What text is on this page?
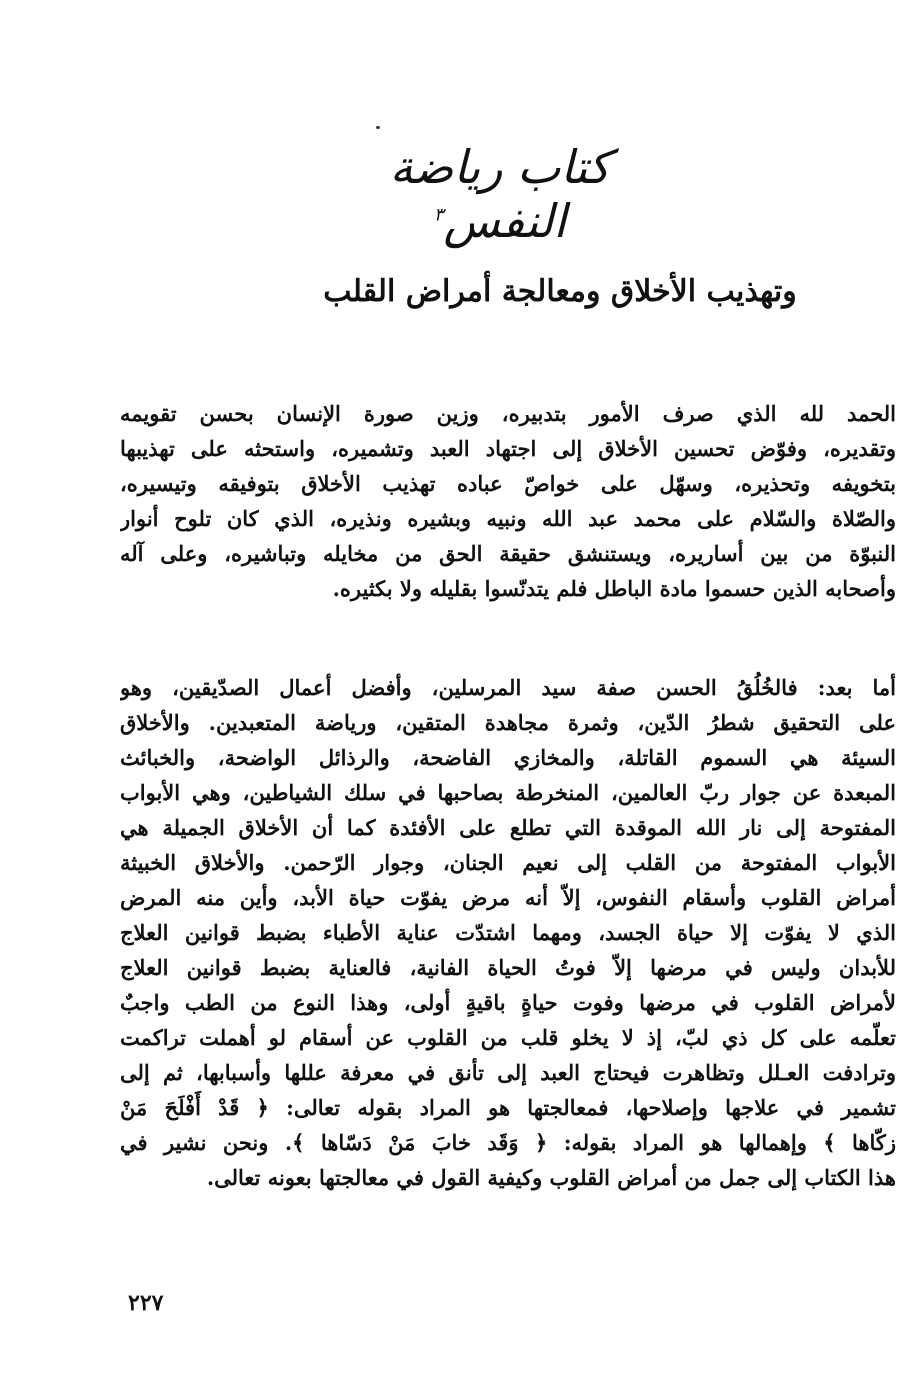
كتاب رياضة النفس$^٣$
وتهذيب الأخلاق ومعالجة أمراض القلب
الحمد لله الذي صرف الأمور بتدبيره، وزين صورة الإنسان بحسن تقويمه
وتقديره، وفوّض تحسين الأخلاق إلى اجتهاد العبد وتشميره، واستحثه على تهذيبها
بتخويفه وتحذيره، وسهّل على خواصّ عباده تهذيب الأخلاق بتوفيقه وتيسيره،
والصّلاة والسّلام على محمد عبد الله ونبيه وبشيره ونذيره، الذي كان تلوح أنوار
النبوّة من بين أساريره، ويستنشق حقيقة الحق من مخايله وتباشيره، وعلى آله
وأصحابه الذين حسموا مادة الباطل فلم يتدنّسوا بقليله ولا بكثيره.
أما بعد: فالخُلُقُ الحسن صفة سيد المرسلين، وأفضل أعمال الصدّيقين، وهو
على التحقيق شطرُ الدّين، وثمرة مجاهدة المتقين، ورياضة المتعبدين. والأخلاق
السيئة هي السموم القاتلة، والمخازي الفاضحة، والرذائل الواضحة، والخبائث
المبعدة عن جوار ربّ العالمين، المنخرطة بصاحبها في سلك الشياطين، وهي الأبواب
المفتوحة إلى نار الله الموقدة التي تطلع على الأفئدة كما أن الأخلاق الجميلة هي
الأبواب المفتوحة من القلب إلى نعيم الجنان، وجوار الرّحمن. والأخلاق الخبيثة
أمراض القلوب وأسقام النفوس، إلاّ أنه مرض يفوّت حياة الأبد، وأين منه المرض
الذي لا يفوّت إلا حياة الجسد، ومهما اشتدّت عناية الأطباء بضبط قوانين العلاج
للأبدان وليس في مرضها إلاّ فوتُ الحياة الفانية، فالعناية بضبط قوانين العلاج
لأمراض القلوب في مرضها وفوت حياةٍ باقيةٍ أولى، وهذا النوع من الطب واجبٌ
تعلّمه على كل ذي لبّ، إذ لا يخلو قلب من القلوب عن أسقام لو أهملت تراكمت
وترادفت العـلل وتظاهرت فيحتاج العبد إلى تأنق في معرفة عللها وأسبابها، ثم إلى
تشمير في علاجها وإصلاحها، فمعالجتها هو المراد بقوله تعالى: ﴿ قَدْ أَفْلَحَ مَنْ
زكّاها ﴾ وإهمالها هو المراد بقوله: ﴿ وَقَد خابَ مَنْ دَسّاها ﴾. ونحن نشير في
هذا الكتاب إلى جمل من أمراض القلوب وكيفية القول في معالجتها بعونه تعالى.
٢٢٧
